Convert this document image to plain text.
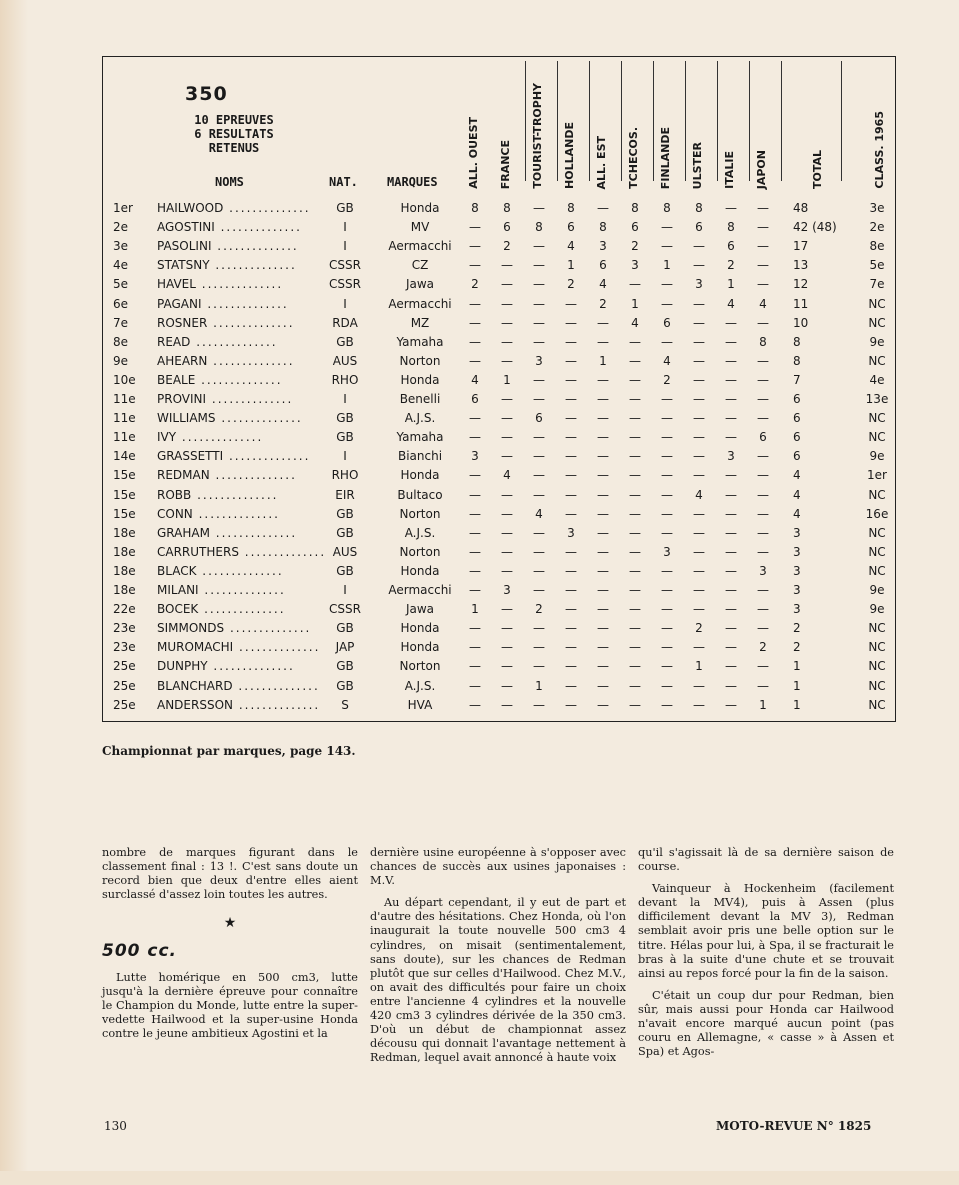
350
10 EPREUVES
6 RESULTATS
RETENUS
NOMS	NAT. MARQUES	ALL. OUEST FRANCE TOURIST-TROPHY HOLLANDE ALL. EST TCHECOS. FINLANDE ULSTER ITALIE JAPON	TOTAL	CLASS. 1965
1er	HAILWOOD ..............	GB	Honda	8	8	—	8	—	8	8	8	—	—	48	3e
2e	AGOSTINI ..............	I	MV	—	6	8	6	8	6	—	6	8	—	42 (48)	2e
3e	PASOLINI ..............	I	Aermacchi	—	2	—	4	3	2	—	—	6	—	17	8e
4e	STATSNY ..............	CSSR	CZ	—	—	—	1	6	3	1	—	2	—	13	5e
5e	HAVEL ..............	CSSR	Jawa	2	—	—	2	4	—	—	3	1	—	12	7e
6e	PAGANI ..............	I	Aermacchi	—	—	—	—	2	1	—	—	4	4	11	NC
7e	ROSNER ..............	RDA	MZ	—	—	—	—	—	4	6	—	—	—	10	NC
8e	READ ..............	GB	Yamaha	—	—	—	—	—	—	—	—	—	8	8	9e
9e	AHEARN ..............	AUS	Norton	—	—	3	—	1	—	4	—	—	—	8	NC
10e	BEALE ..............	RHO	Honda	4	1	—	—	—	—	2	—	—	—	7	4e
11e	PROVINI ..............	I	Benelli	6	—	—	—	—	—	—	—	—	—	6	13e
11e	WILLIAMS ..............	GB	A.J.S.	—	—	6	—	—	—	—	—	—	—	6	NC
11e	IVY ..............	GB	Yamaha	—	—	—	—	—	—	—	—	—	6	6	NC
14e	GRASSETTI ..............	I	Bianchi	3	—	—	—	—	—	—	—	3	—	6	9e
15e	REDMAN ..............	RHO	Honda	—	4	—	—	—	—	—	—	—	—	4	1er
15e	ROBB ..............	EIR	Bultaco	—	—	—	—	—	—	—	4	—	—	4	NC
15e	CONN ..............	GB	Norton	—	—	4	—	—	—	—	—	—	—	4	16e
18e	GRAHAM ..............	GB	A.J.S.	—	—	—	3	—	—	—	—	—	—	3	NC
18e	CARRUTHERS .............. AUS	Norton	—	—	—	—	—	—	3	—	—	—	3	NC
18e	BLACK ..............	GB	Honda	—	—	—	—	—	—	—	—	—	3	3	NC
18e	MILANI ..............	I	Aermacchi	—	3	—	—	—	—	—	—	—	—	3	9e
22e	BOCEK ..............	CSSR	Jawa	1	—	2	—	—	—	—	—	—	—	3	9e
23e	SIMMONDS ..............	GB	Honda	—	—	—	—	—	—	—	2	—	—	2	NC
23e	MUROMACHI ..............	JAP	Honda	—	—	—	—	—	—	—	—	—	2	2	NC
25e	DUNPHY ..............	GB	Norton	—	—	—	—	—	—	—	1	—	—	1	NC
25e	BLANCHARD ..............	GB	A.J.S.	—	—	1	—	—	—	—	—	—	—	1	NC
25e	ANDERSSON ..............	S	HVA	—	—	—	—	—	—	—	—	—	1	1	NC
Championnat par marques, page 143.

nombre de marques figurant dans le classement final : 13 !. C'est sans doute un record bien que deux d'entre elles aient surclassé d'assez loin toutes les autres.

★
500 cc.

Lutte homérique en 500 cm3, lutte jusqu'à la dernière épreuve pour connaître le Champion du Monde, lutte entre la super-vedette Hailwood et la super-usine Honda contre le jeune ambitieux Agostini et la

dernière usine européenne à s'opposer avec chances de succès aux usines japonaises : M.V.

Au départ cependant, il y eut de part et d'autre des hésitations. Chez Honda, où l'on inaugurait la toute nouvelle 500 cm3 4 cylindres, on misait (sentimentalement, sans doute), sur les chances de Redman plutôt que sur celles d'Hailwood. Chez M.V., on avait des difficultés pour faire un choix entre l'ancienne 4 cylindres et la nouvelle 420 cm3 3 cylindres dérivée de la 350 cm3. D'où un début de championnat assez décousu qui donnait l'avantage nettement à Redman, lequel avait annoncé à haute voix

qu'il s'agissait là de sa dernière saison de course.

Vainqueur à Hockenheim (facilement devant la MV4), puis à Assen (plus difficilement devant la MV 3), Redman semblait avoir pris une belle option sur le titre. Hélas pour lui, à Spa, il se fracturait le bras à la suite d'une chute et se trouvait ainsi au repos forcé pour la fin de la saison.

C'était un coup dur pour Redman, bien sûr, mais aussi pour Honda car Hailwood n'avait encore marqué aucun point (pas couru en Allemagne, « casse » à Assen et Spa) et Agos-

130	MOTO-REVUE N° 1825
